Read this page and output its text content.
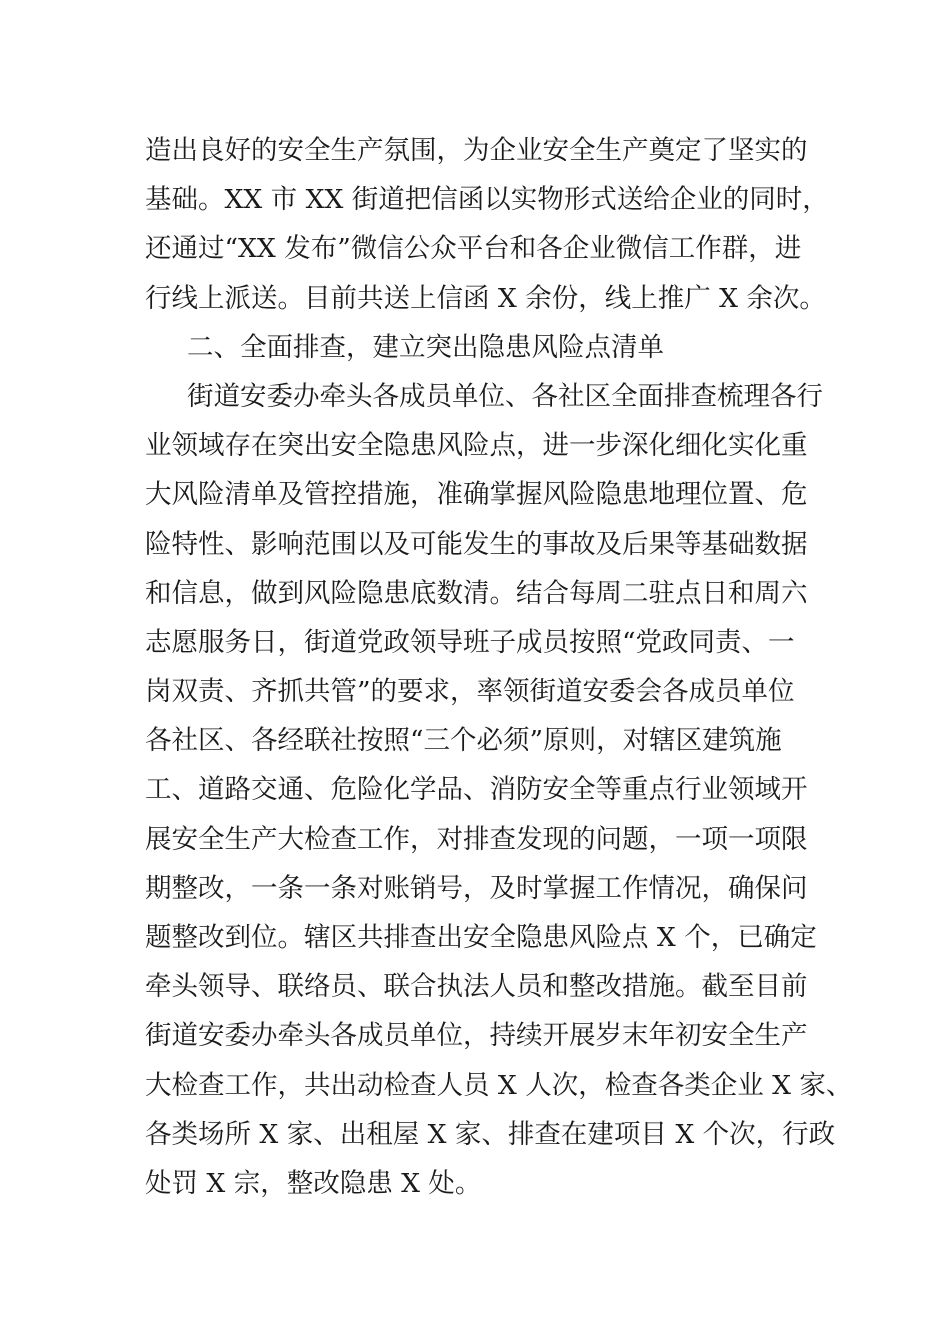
造出良好的安全生产氛围，为企业安全生产奠定了坚实的
基础。XX 市 XX 街道把信函以实物形式送给企业的同时，
还通过“XX 发布”微信公众平台和各企业微信工作群，进
行线上派送。目前共送上信函 X 余份，线上推广 X 余次。
二、全面排查，建立突出隐患风险点清单
街道安委办牵头各成员单位、各社区全面排查梳理各行
业领域存在突出安全隐患风险点，进一步深化细化实化重
大风险清单及管控措施，准确掌握风险隐患地理位置、危
险特性、影响范围以及可能发生的事故及后果等基础数据
和信息，做到风险隐患底数清。结合每周二驻点日和周六
志愿服务日，街道党政领导班子成员按照“党政同责、一
岗双责、齐抓共管”的要求，率领街道安委会各成员单位
各社区、各经联社按照“三个必须”原则，对辖区建筑施
工、道路交通、危险化学品、消防安全等重点行业领域开
展安全生产大检查工作，对排查发现的问题，一项一项限
期整改，一条一条对账销号，及时掌握工作情况，确保问
题整改到位。辖区共排查出安全隐患风险点 X 个，已确定
牵头领导、联络员、联合执法人员和整改措施。截至目前
街道安委办牵头各成员单位，持续开展岁末年初安全生产
大检查工作，共出动检查人员 X 人次，检查各类企业 X 家、
各类场所 X 家、出租屋 X 家、排查在建项目 X 个次，行政
处罚 X 宗，整改隐患 X 处。
